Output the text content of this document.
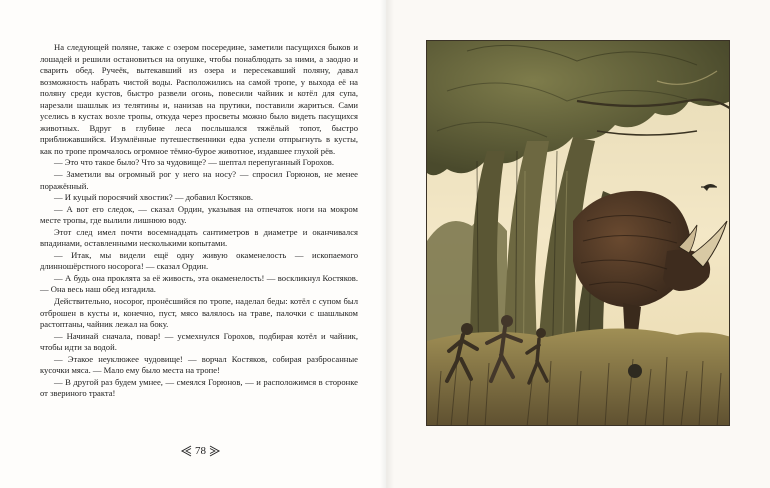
На следующей поляне, также с озером посередине, заметили пасущихся быков и лошадей и решили остановиться на опушке, чтобы понаблюдать за ними, а заодно и сварить обед. Ручеёк, вытекавший из озера и пересекавший поляну, давал возможность набрать чистой воды. Расположились на самой тропе, у выхода её на поляну среди кустов, быстро развели огонь, повесили чайник и котёл для супа, нарезали шашлык из телятины и, нанизав на прутики, поставили жариться. Сами уселись в кустах возле тропы, откуда через просветы можно было видеть пасущихся животных. Вдруг в глубине леса послышался тяжёлый топот, быстро приближавшийся. Изумлённые путешественники едва успели отпрыгнуть в кусты, как по тропе промчалось огромное тёмно-бурое животное, издавшее глухой рёв.

— Это что такое было? Что за чудовище? — шептал перепуганный Горохов.

— Заметили вы огромный рог у него на носу? — спросил Горюнов, не менее поражённый.

— И куцый поросячий хвостик? — добавил Костяков.

— А вот его следок, — сказал Ордин, указывая на отпечаток ноги на мокром месте тропы, где вылили лишнюю воду.

Этот след имел почти восемнадцать сантиметров в диаметре и оканчивался впадинами, оставленными несколькими копытами.

— Итак, мы видели ещё одну живую окаменелость — ископаемого длинношёрстного носорога! — сказал Ордин.

— А будь она проклята за её живость, эта окаменелость! — воскликнул Костяков. — Она весь наш обед изгадила.

Действительно, носорог, пронёсшийся по тропе, наделал беды: котёл с супом был отброшен в кусты и, конечно, пуст, мясо валялось на траве, палочки с шашлыком растоптаны, чайник лежал на боку.

— Начинай сначала, повар! — усмехнулся Горохов, подбирая котёл и чайник, чтобы идти за водой.

— Этакое неуклюжее чудовище! — ворчал Костяков, собирая разбросанные кусочки мяса. — Мало ему было места на тропе!

— В другой раз будем умнее, — смеялся Горюнов, — и расположимся в сторонке от звериного тракта!

78
